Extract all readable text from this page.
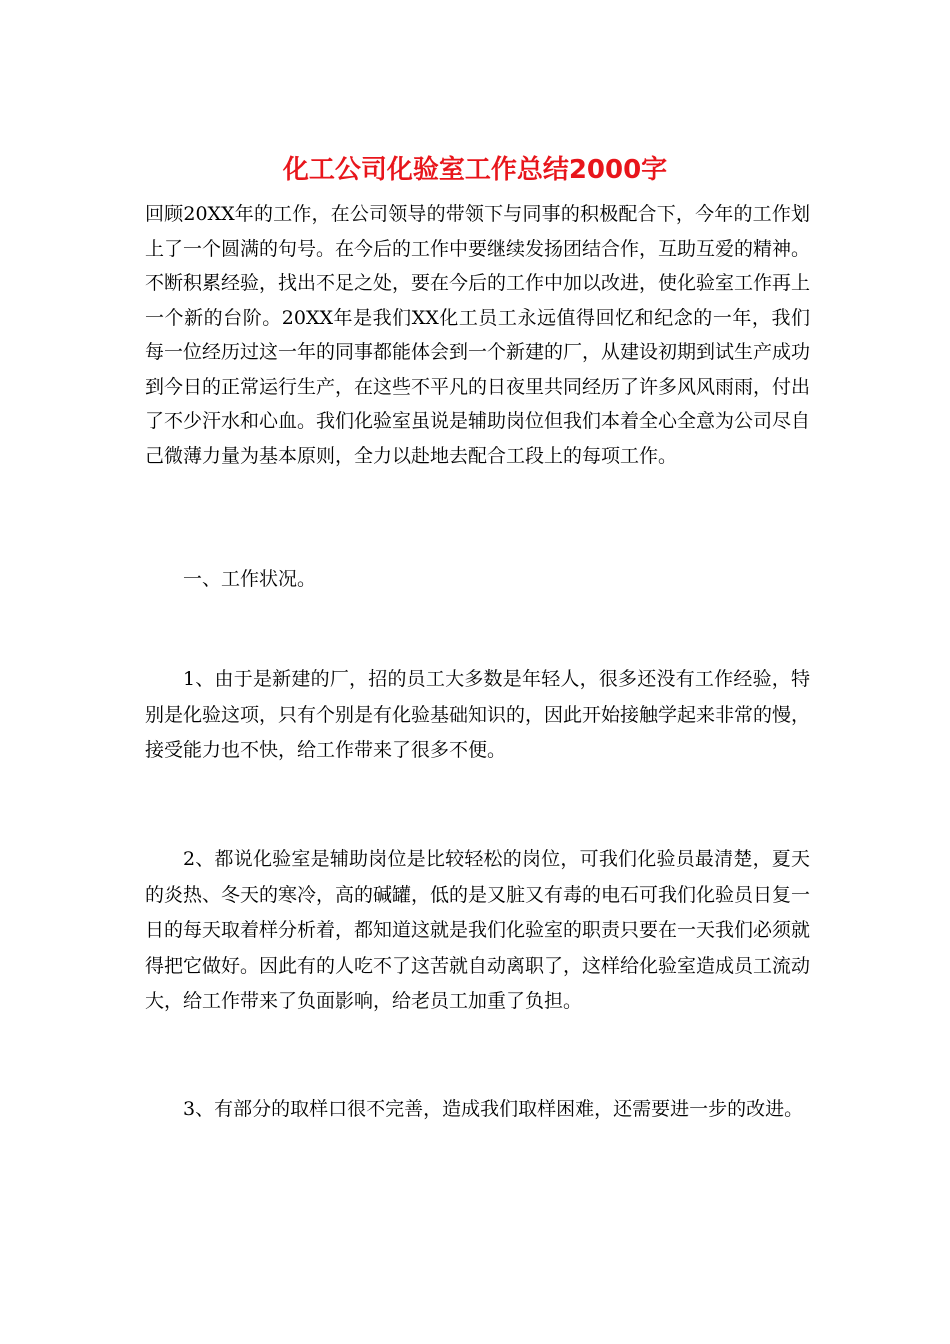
化工公司化验室工作总结2000字

回顾20XX年的工作，在公司领导的带领下与同事的积极配合下，今年的工作划上了一个圆满的句号。在今后的工作中要继续发扬团结合作，互助互爱的精神。不断积累经验，找出不足之处，要在今后的工作中加以改进，使化验室工作再上一个新的台阶。20XX年是我们XX化工员工永远值得回忆和纪念的一年，我们每一位经历过这一年的同事都能体会到一个新建的厂，从建设初期到试生产成功到今日的正常运行生产，在这些不平凡的日夜里共同经历了许多风风雨雨，付出了不少汗水和心血。我们化验室虽说是辅助岗位但我们本着全心全意为公司尽自己微薄力量为基本原则，全力以赴地去配合工段上的每项工作。

一、工作状况。

1、由于是新建的厂，招的员工大多数是年轻人，很多还没有工作经验，特别是化验这项，只有个别是有化验基础知识的，因此开始接触学起来非常的慢，接受能力也不快，给工作带来了很多不便。

2、都说化验室是辅助岗位是比较轻松的岗位，可我们化验员最清楚，夏天的炎热、冬天的寒冷，高的碱罐，低的是又脏又有毒的电石可我们化验员日复一日的每天取着样分析着，都知道这就是我们化验室的职责只要在一天我们必须就得把它做好。因此有的人吃不了这苦就自动离职了，这样给化验室造成员工流动大，给工作带来了负面影响，给老员工加重了负担。

3、有部分的取样口很不完善，造成我们取样困难，还需要进一步的改进。
